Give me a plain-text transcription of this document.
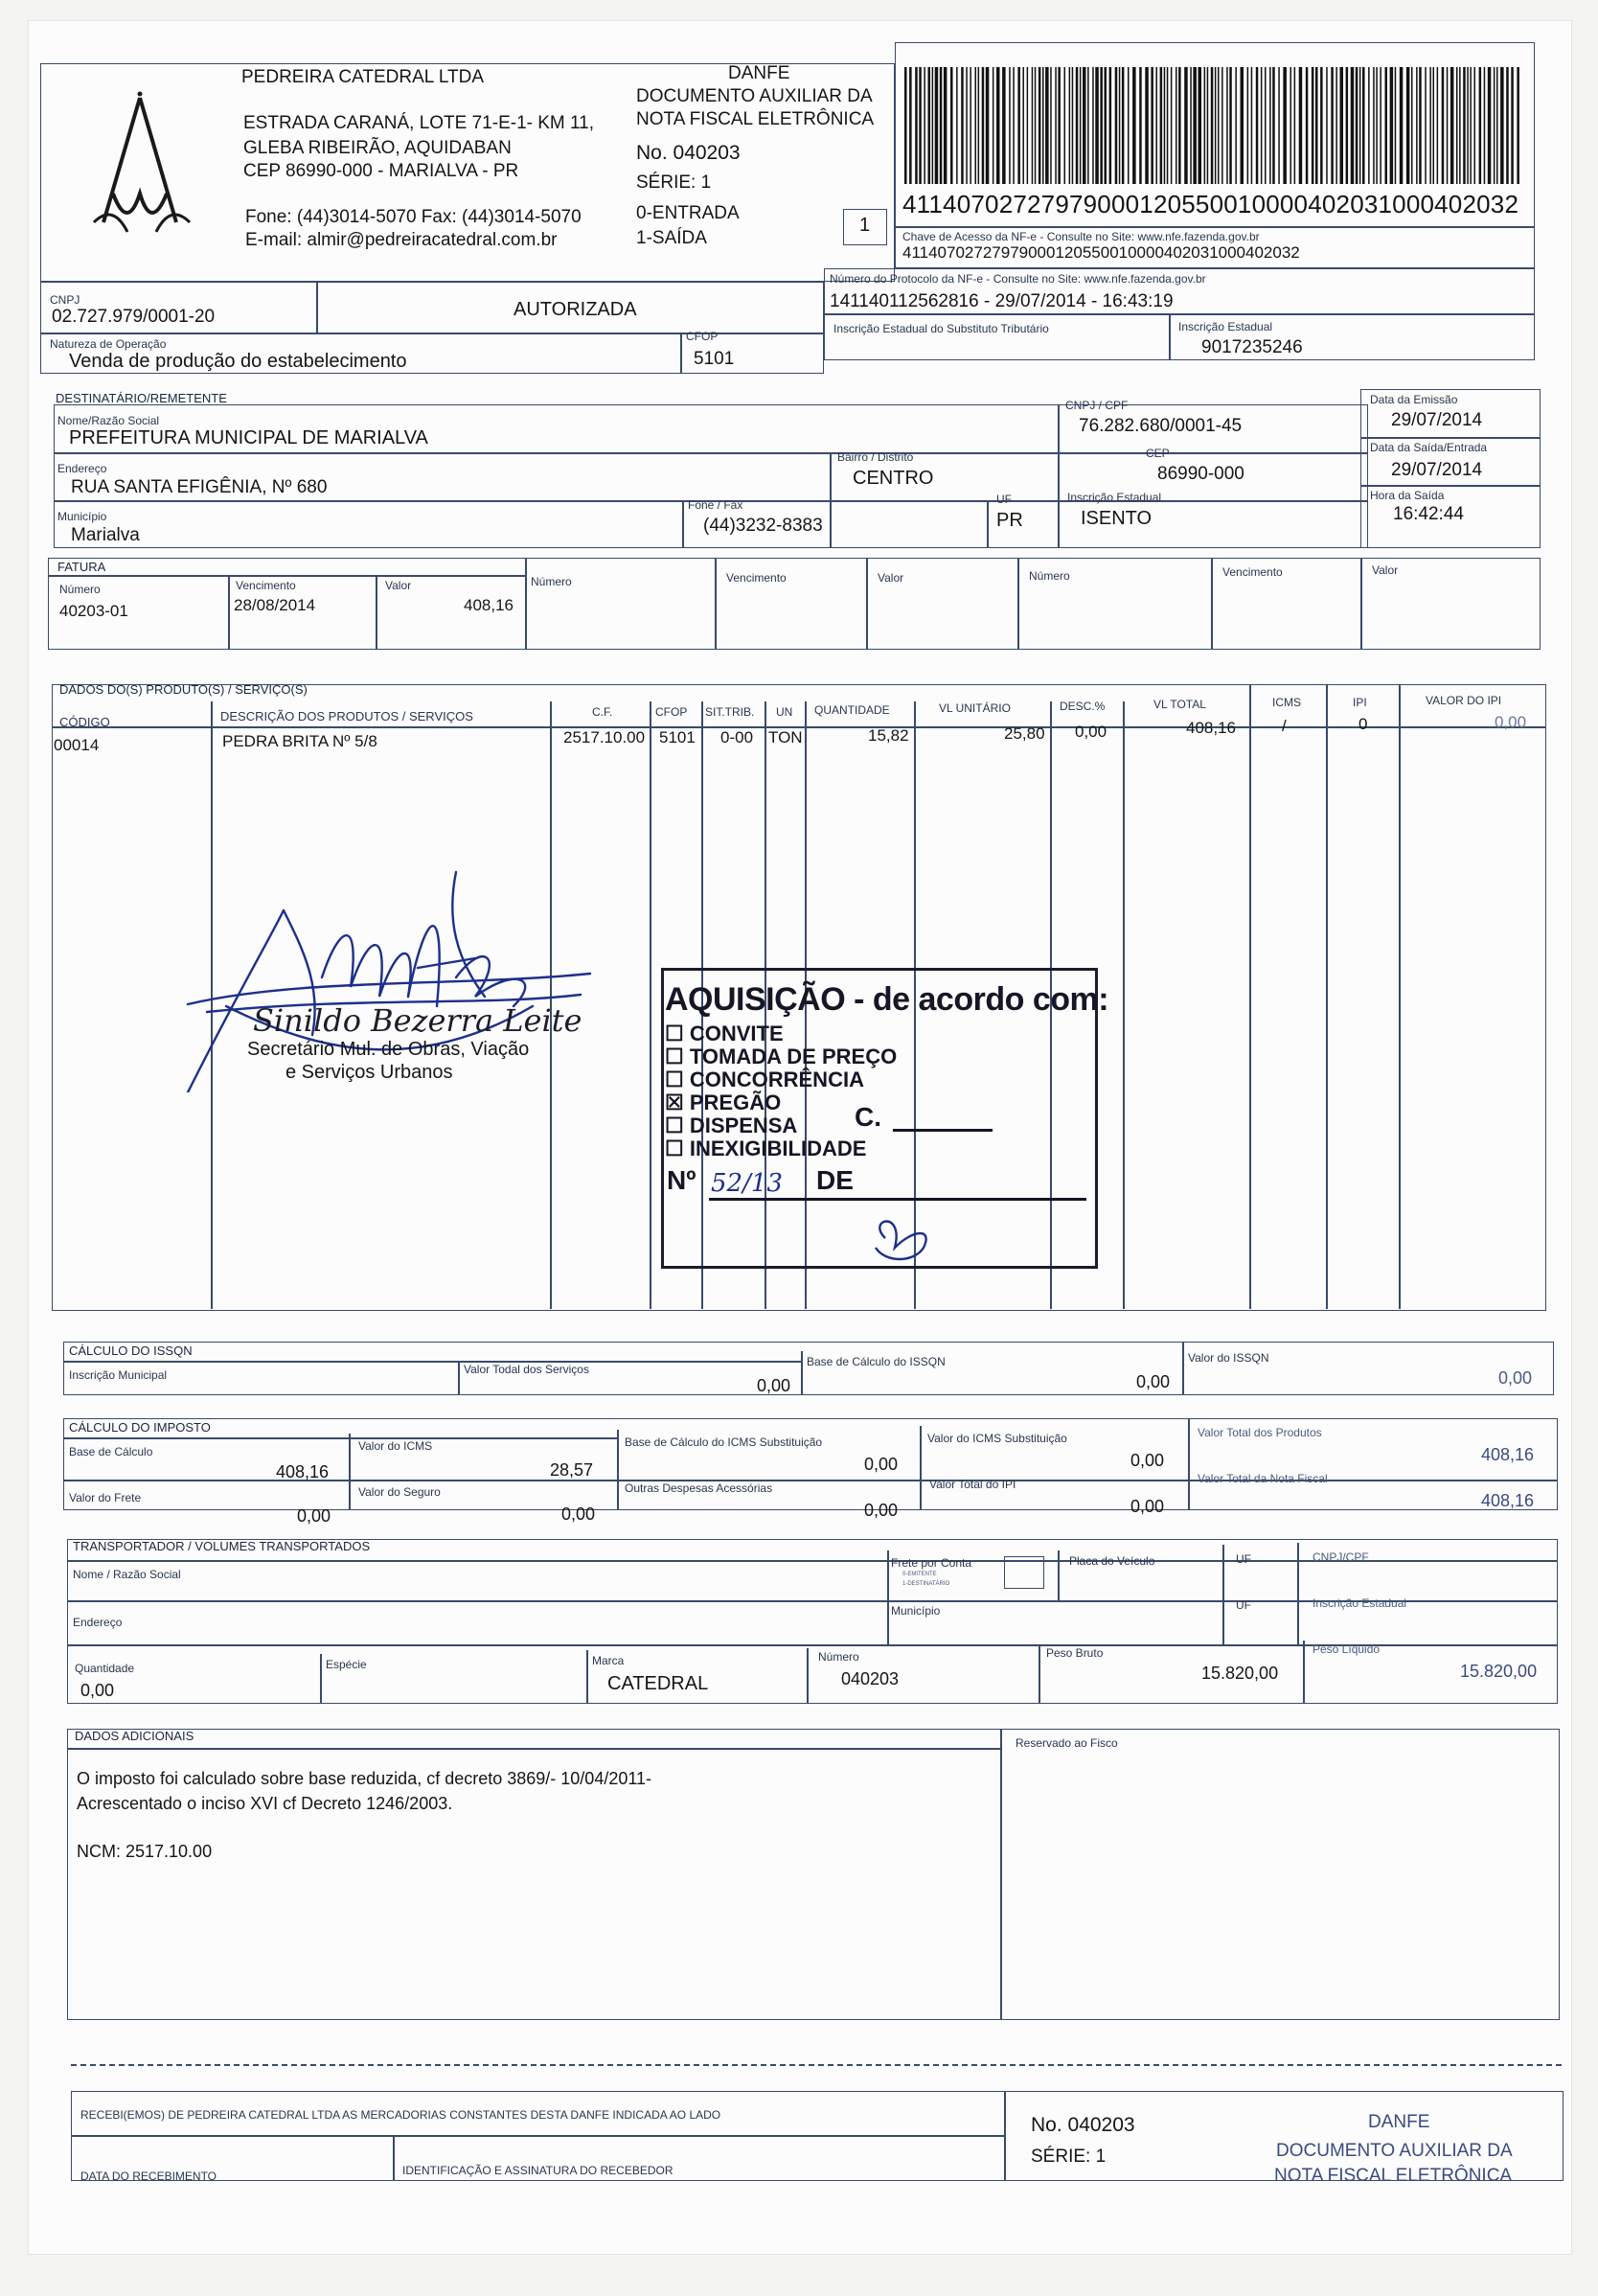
PEDREIRA CATEDRAL LTDA
ESTRADA CARANÁ, LOTE 71-E-1- KM 11,
GLEBA RIBEIRÃO, AQUIDABAN
CEP 86990-000 - MARIALVA - PR
Fone: (44)3014-5070 Fax: (44)3014-5070
E-mail: almir@pedreiracatedral.com.br
DANFE
DOCUMENTO AUXILIAR DA
NOTA FISCAL ELETRÔNICA
No. 040203
SÉRIE: 1
0-ENTRADA
1-SAÍDA
1
41140702727979000120550010000402031000402032
Chave de Acesso da NF-e - Consulte no Site: www.nfe.fazenda.gov.br
41140702727979000120550010000402031000402032
CNPJ
02.727.979/0001-20	AUTORIZADA
Número do Protocolo da NF-e - Consulte no Site: www.nfe.fazenda.gov.br
141140112562816 - 29/07/2014 - 16:43:19
Natureza de Operação
Venda de produção do estabelecimento
CFOP
5101
Inscrição Estadual do Substituto Tributário	Inscrição Estadual
9017235246
DESTINATÁRIO/REMETENTE
Nome/Razão Social
PREFEITURA MUNICIPAL DE MARIALVA
CNPJ / CPF
76.282.680/0001-45
Data da Emissão
29/07/2014
Endereço
RUA SANTA EFIGÊNIA, Nº 680
Bairro / Distrito
CENTRO
CEP
86990-000
Data da Saída/Entrada
29/07/2014
Município
Marialva
Fone / Fax
(44)3232-8383
UF
PR
Inscrição Estadual
ISENTO
Hora da Saída
16:42:44
FATURA
Número
40203-01
Vencimento
28/08/2014
Valor
408,16
Número	Vencimento	Valor	Número	Vencimento	Valor
DADOS DO(S) PRODUTO(S) / SERVIÇO(S)
CÓDIGO	DESCRIÇÃO DOS PRODUTOS / SERVIÇOS	C.F.	CFOP SIT.TRIB. UN QUANTIDADE	VL UNITÁRIO	DESC.%	VL TOTAL	ICMS	IPI	VALOR DO IPI
00014	PEDRA BRITA Nº 5/8	2517.10.00 5101 0-00 TON	15,82	25,80 0,00	408,16	/	0	0,00
Sinildo Bezerra Leite
Secretário Mul. de Obras, Viação
e Serviços Urbanos
AQUISIÇÃO - de acordo com:
☐ CONVITE
☐ TOMADA DE PREÇO
☐ CONCORRÊNCIA
☒ PREGÃO
☐ DISPENSA
☐ INEXIGIBILIDADE
C.
Nº 52/13 DE
CÁLCULO DO ISSQN
Inscrição Municipal	Valor Todal dos Serviços
0,00
Base de Cálculo do ISSQN
0,00
Valor do ISSQN
0,00
CÁLCULO DO IMPOSTO
Base de Cálculo
408,16
Valor do ICMS
28,57
Base de Cálculo do ICMS Substituição
0,00
Valor do ICMS Substituição
0,00
Valor Total dos Produtos
408,16
Valor do Frete
0,00
Valor do Seguro
0,00
Outras Despesas Acessórias
0,00
Valor Total do IPI
0,00
Valor Total da Nota Fiscal
408,16
TRANSPORTADOR / VOLUMES TRANSPORTADOS
Nome / Razão Social
Frete por Conta
0-EMITENTE
1-DESTINATÁRIO
Placa do Veículo	UF	CNPJ/CPF
Endereço
Município	UF	Inscrição Estadual
Quantidade
0,00
Espécie	Marca
CATEDRAL
Número
040203
Peso Bruto
15.820,00
Peso Líquido
15.820,00
DADOS ADICIONAIS
O imposto foi calculado sobre base reduzida, cf decreto 3869/- 10/04/2011-
Acrescentado o inciso XVI cf Decreto 1246/2003.
NCM: 2517.10.00
Reservado ao Fisco
RECEBI(EMOS) DE PEDREIRA CATEDRAL LTDA AS MERCADORIAS CONSTANTES DESTA DANFE INDICADA AO LADO
DATA DO RECEBIMENTO	IDENTIFICAÇÃO E ASSINATURA DO RECEBEDOR
No. 040203
SÉRIE: 1
DANFE
DOCUMENTO AUXILIAR DA
NOTA FISCAL ELETRÔNICA
